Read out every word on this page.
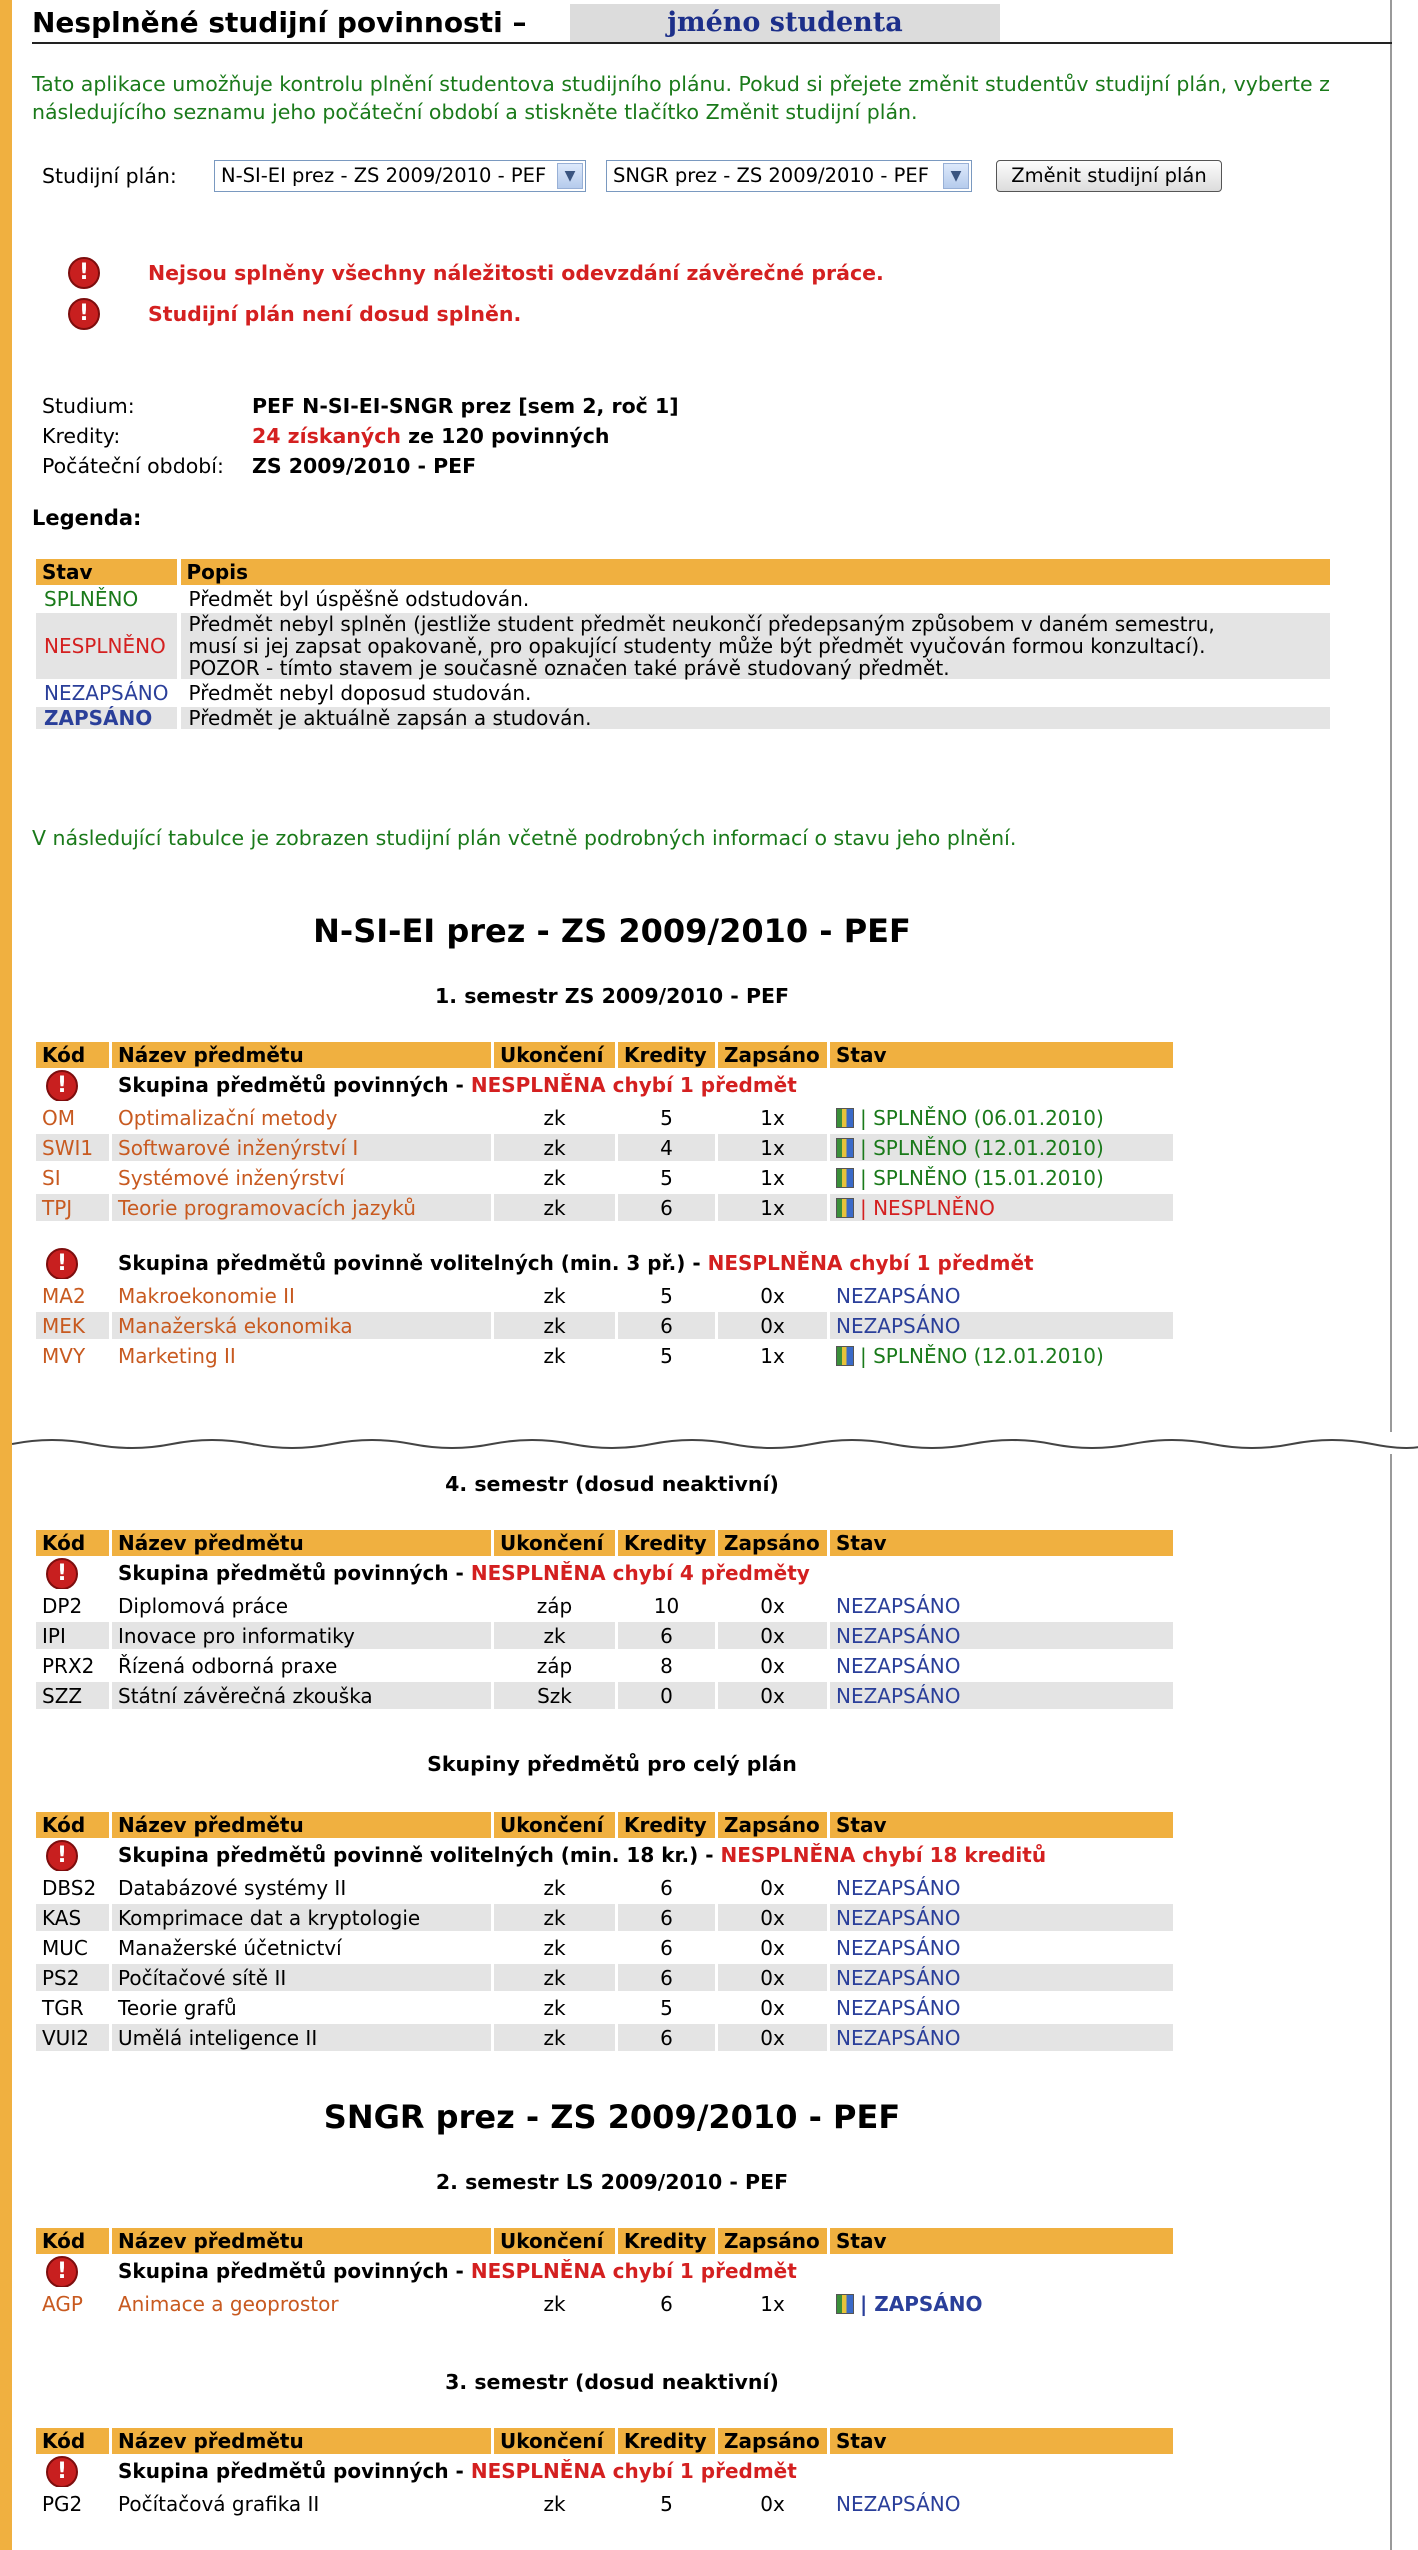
Nesplněné studijní povinnosti –	jméno studenta
Tato aplikace umožňuje kontrolu plnění studentova studijního plánu. Pokud si přejete změnit studentův studijní plán, vyberte z následujícího seznamu jeho počáteční období a stiskněte tlačítko Změnit studijní plán.
Studijní plán:	N-SI-EI prez - ZS 2009/2010 - PEF	▼	SNGR prez - ZS 2009/2010 - PEF	▼	Změnit studijní plán
!	Nejsou splněny všechny náležitosti odevzdání závěrečné práce.
!	Studijní plán není dosud splněn.
Studium:	PEF N-SI-EI-SNGR prez [sem 2, roč 1]
Kredity:	24 získaných ze 120 povinných
Počáteční období: ZS 2009/2010 - PEF
Legenda:
Stav	Popis
SPLNĚNO	Předmět byl úspěšně odstudován.
NESPLNĚNO	Předmět nebyl splněn (jestliže student předmět neukončí předepsaným způsobem v daném semestru,
musí si jej zapsat opakovaně, pro opakující studenty může být předmět vyučován formou konzultací).
POZOR - tímto stavem je současně označen také právě studovaný předmět.

NEZAPSÁNO	Předmět nebyl doposud studován.
ZAPSÁNO	Předmět je aktuálně zapsán a studován.
V následující tabulce je zobrazen studijní plán včetně podrobných informací o stavu jeho plnění.
N-SI-EI prez - ZS 2009/2010 - PEF
1. semestr ZS 2009/2010 - PEF
Kód	Název předmětu	Ukončení	Kredity	Zapsáno	Stav

!	Skupina předmětů povinných - NESPLNĚNA chybí 1 předmět				
OM	Optimalizační metody	zk	5	1x	| SPLNĚNO (06.01.2010)
SWI1	Softwarové inženýrství I	zk	4	1x	| SPLNĚNO (12.01.2010)
SI	Systémové inženýrství	zk	5	1x	| SPLNĚNO (15.01.2010)
TPJ	Teorie programovacích jazyků	zk	6	1x	| NESPLNĚNO

!	Skupina předmětů povinně volitelných (min. 3 př.) - NESPLNĚNA chybí 1 předmět				
MA2	Makroekonomie II	zk	5	0x	NEZAPSÁNO
MEK	Manažerská ekonomika	zk	6	0x	NEZAPSÁNO
MVY	Marketing II	zk	5	1x	| SPLNĚNO (12.01.2010)
4. semestr (dosud neaktivní)
Kód	Název předmětu	Ukončení	Kredity	Zapsáno	Stav

!	Skupina předmětů povinných - NESPLNĚNA chybí 4 předměty				
DP2	Diplomová práce	záp	10	0x	NEZAPSÁNO
IPI	Inovace pro informatiky	zk	6	0x	NEZAPSÁNO
PRX2	Řízená odborná praxe	záp	8	0x	NEZAPSÁNO
SZZ	Státní závěrečná zkouška	Szk	0	0x	NEZAPSÁNO
Skupiny předmětů pro celý plán
Kód	Název předmětu	Ukončení	Kredity	Zapsáno	Stav

!	Skupina předmětů povinně volitelných (min. 18 kr.) - NESPLNĚNA chybí 18 kreditů				
DBS2	Databázové systémy II	zk	6	0x	NEZAPSÁNO
KAS	Komprimace dat a kryptologie	zk	6	0x	NEZAPSÁNO
MUC	Manažerské účetnictví	zk	6	0x	NEZAPSÁNO
PS2	Počítačové sítě II	zk	6	0x	NEZAPSÁNO
TGR	Teorie grafů	zk	5	0x	NEZAPSÁNO
VUI2	Umělá inteligence II	zk	6	0x	NEZAPSÁNO
SNGR prez - ZS 2009/2010 - PEF
2. semestr LS 2009/2010 - PEF
Kód	Název předmětu	Ukončení	Kredity	Zapsáno	Stav

!	Skupina předmětů povinných - NESPLNĚNA chybí 1 předmět				
AGP	Animace a geoprostor	zk	6	1x	| ZAPSÁNO
3. semestr (dosud neaktivní)
Kód	Název předmětu	Ukončení	Kredity	Zapsáno	Stav

!	Skupina předmětů povinných - NESPLNĚNA chybí 1 předmět				
PG2	Počítačová grafika II	zk	5	0x	NEZAPSÁNO
